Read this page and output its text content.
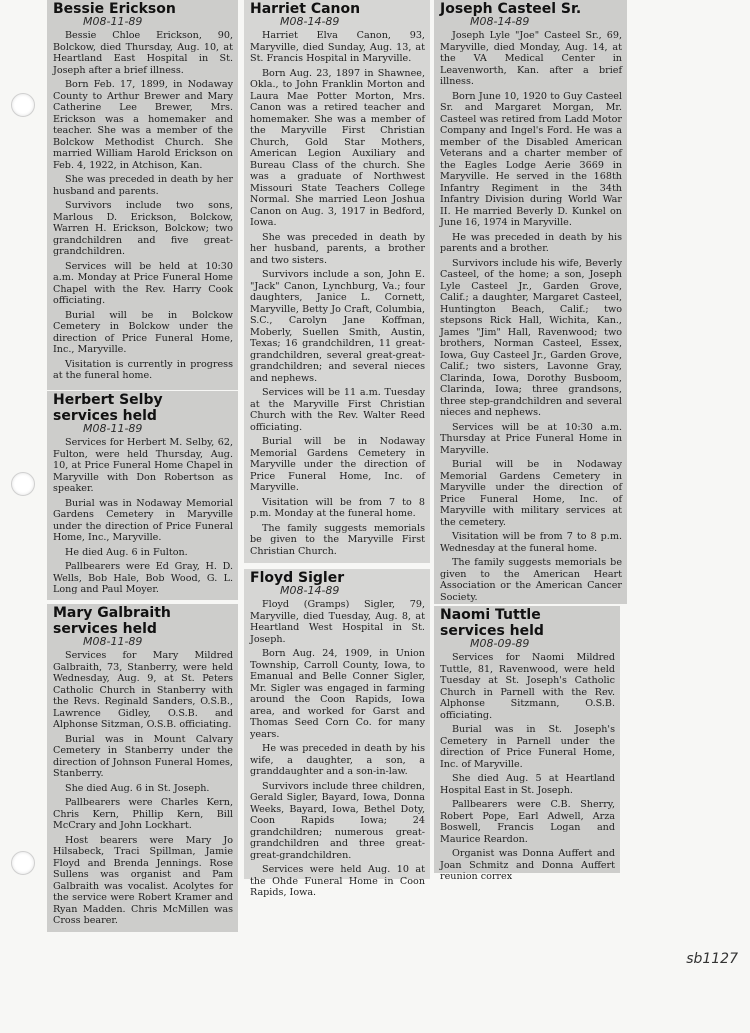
Bessie Erickson
M08-11-89

Bessie Chloe Erickson, 90, Bolckow, died Thursday, Aug. 10, at Heartland East Hospital in St. Joseph after a brief illness.

Born Feb. 17, 1899, in Nodaway County to Arthur Brewer and Mary Catherine Lee Brewer, Mrs. Erickson was a homemaker and teacher. She was a member of the Bolckow Methodist Church. She married William Harold Erickson on Feb. 4, 1922, in Atchison, Kan.

She was preceded in death by her husband and parents.

Survivors include two sons, Marlous D. Erickson, Bolckow, Warren H. Erickson, Bolckow; two grandchildren and five great-grandchildren.

Services will be held at 10:30 a.m. Monday at Price Funeral Home Chapel with the Rev. Harry Cook officiating.

Burial will be in Bolckow Cemetery in Bolckow under the direction of Price Funeral Home, Inc., Maryville.

Visitation is currently in progress at the funeral home.

Herbert Selby
services held
M08-11-89

Services for Herbert M. Selby, 62, Fulton, were held Thursday, Aug. 10, at Price Funeral Home Chapel in Maryville with Don Robertson as speaker.

Burial was in Nodaway Memorial Gardens Cemetery in Maryville under the direction of Price Funeral Home, Inc., Maryville.

He died Aug. 6 in Fulton.

Pallbearers were Ed Gray, H. D. Wells, Bob Hale, Bob Wood, G. L. Long and Paul Moyer.

Mary Galbraith
services held
M08-11-89

Services for Mary Mildred Galbraith, 73, Stanberry, were held Wednesday, Aug. 9, at St. Peters Catholic Church in Stanberry with the Revs. Reginald Sanders, O.S.B., Lawrence Gidley, O.S.B. and Alphonse Sitzman, O.S.B. officiating.

Burial was in Mount Calvary Cemetery in Stanberry under the direction of Johnson Funeral Homes, Stanberry.

She died Aug. 6 in St. Joseph.

Pallbearers were Charles Kern, Chris Kern, Phillip Kern, Bill McCrary and John Lockhart.

Host bearers were Mary Jo Hilsabeck, Traci Spillman, Jamie Floyd and Brenda Jennings. Rose Sullens was organist and Pam Galbraith was vocalist. Acolytes for the service were Robert Kramer and Ryan Madden. Chris McMillen was Cross bearer.

Harriet Canon
M08-14-89

Harriet Elva Canon, 93, Maryville, died Sunday, Aug. 13, at St. Francis Hospital in Maryville.

Born Aug. 23, 1897 in Shawnee, Okla., to John Franklin Morton and Laura Mae Potter Morton, Mrs. Canon was a retired teacher and homemaker. She was a member of the Maryville First Christian Church, Gold Star Mothers, American Legion Auxiliary and Bureau Class of the church. She was a graduate of Northwest Missouri State Teachers College Normal. She married Leon Joshua Canon on Aug. 3, 1917 in Bedford, Iowa.

She was preceded in death by her husband, parents, a brother and two sisters.

Survivors include a son, John E. "Jack" Canon, Lynchburg, Va.; four daughters, Janice L. Cornett, Maryville, Betty Jo Craft, Columbia, S.C., Carolyn Jane Koffman, Moberly, Suellen Smith, Austin, Texas; 16 grandchildren, 11 great-grandchildren, several great-great-grandchildren; and several nieces and nephews.

Services will be 11 a.m. Tuesday at the Maryville First Christian Church with the Rev. Walter Reed officiating.

Burial will be in Nodaway Memorial Gardens Cemetery in Maryville under the direction of Price Funeral Home, Inc. of Maryville.

Visitation will be from 7 to 8 p.m. Monday at the funeral home.

The family suggests memorials be given to the Maryville First Christian Church.

Floyd Sigler
M08-14-89

Floyd (Gramps) Sigler, 79, Maryville, died Tuesday, Aug. 8, at Heartland West Hospital in St. Joseph.

Born Aug. 24, 1909, in Union Township, Carroll County, Iowa, to Emanual and Belle Conner Sigler, Mr. Sigler was engaged in farming around the Coon Rapids, Iowa area, and worked for Garst and Thomas Seed Corn Co. for many years.

He was preceded in death by his wife, a daughter, a son, a granddaughter and a son-in-law.

Survivors include three children, Gerald Sigler, Bayard, Iowa, Donna Weeks, Bayard, Iowa, Bethel Doty, Coon Rapids Iowa; 24 grandchildren; numerous great-grandchildren and three great-great-grandchildren.

Services were held Aug. 10 at the Ohde Funeral Home in Coon Rapids, Iowa.

Joseph Casteel Sr.
M08-14-89

Joseph Lyle "Joe" Casteel Sr., 69, Maryville, died Monday, Aug. 14, at the VA Medical Center in Leavenworth, Kan. after a brief illness.

Born June 10, 1920 to Guy Casteel Sr. and Margaret Morgan, Mr. Casteel was retired from Ladd Motor Company and Ingel's Ford. He was a member of the Disabled American Veterans and a charter member of the Eagles Lodge Aerie 3669 in Maryville. He served in the 168th Infantry Regiment in the 34th Infantry Division during World War II. He married Beverly D. Kunkel on June 16, 1974 in Maryville.

He was preceded in death by his parents and a brother.

Survivors include his wife, Beverly Casteel, of the home; a son, Joseph Lyle Casteel Jr., Garden Grove, Calif.; a daughter, Margaret Casteel, Huntington Beach, Calif.; two stepsons Rick Hall, Wichita, Kan., James "Jim" Hall, Ravenwood; two brothers, Norman Casteel, Essex, Iowa, Guy Casteel Jr., Garden Grove, Calif.; two sisters, Lavonne Gray, Clarinda, Iowa, Dorothy Busboom, Clarinda, Iowa; three grandsons, three step-grandchildren and several nieces and nephews.

Services will be at 10:30 a.m. Thursday at Price Funeral Home in Maryville.

Burial will be in Nodaway Memorial Gardens Cemetery in Maryville under the direction of Price Funeral Home, Inc. of Maryville with military services at the cemetery.

Visitation will be from 7 to 8 p.m. Wednesday at the funeral home.

The family suggests memorials be given to the American Heart Association or the American Cancer Society.

Naomi Tuttle
services held
M08-09-89

Services for Naomi Mildred Tuttle, 81, Ravenwood, were held Tuesday at St. Joseph's Catholic Church in Parnell with the Rev. Alphonse Sitzmann, O.S.B. officiating.

Burial was in St. Joseph's Cemetery in Parnell under the direction of Price Funeral Home, Inc. of Maryville.

She died Aug. 5 at Heartland Hospital East in St. Joseph.

Pallbearers were C.B. Sherry, Robert Pope, Earl Adwell, Arza Boswell, Francis Logan and Maurice Reardon.

Organist was Donna Auffert and Joan Schmitz and Donna Auffert reunion correx

sb1127
